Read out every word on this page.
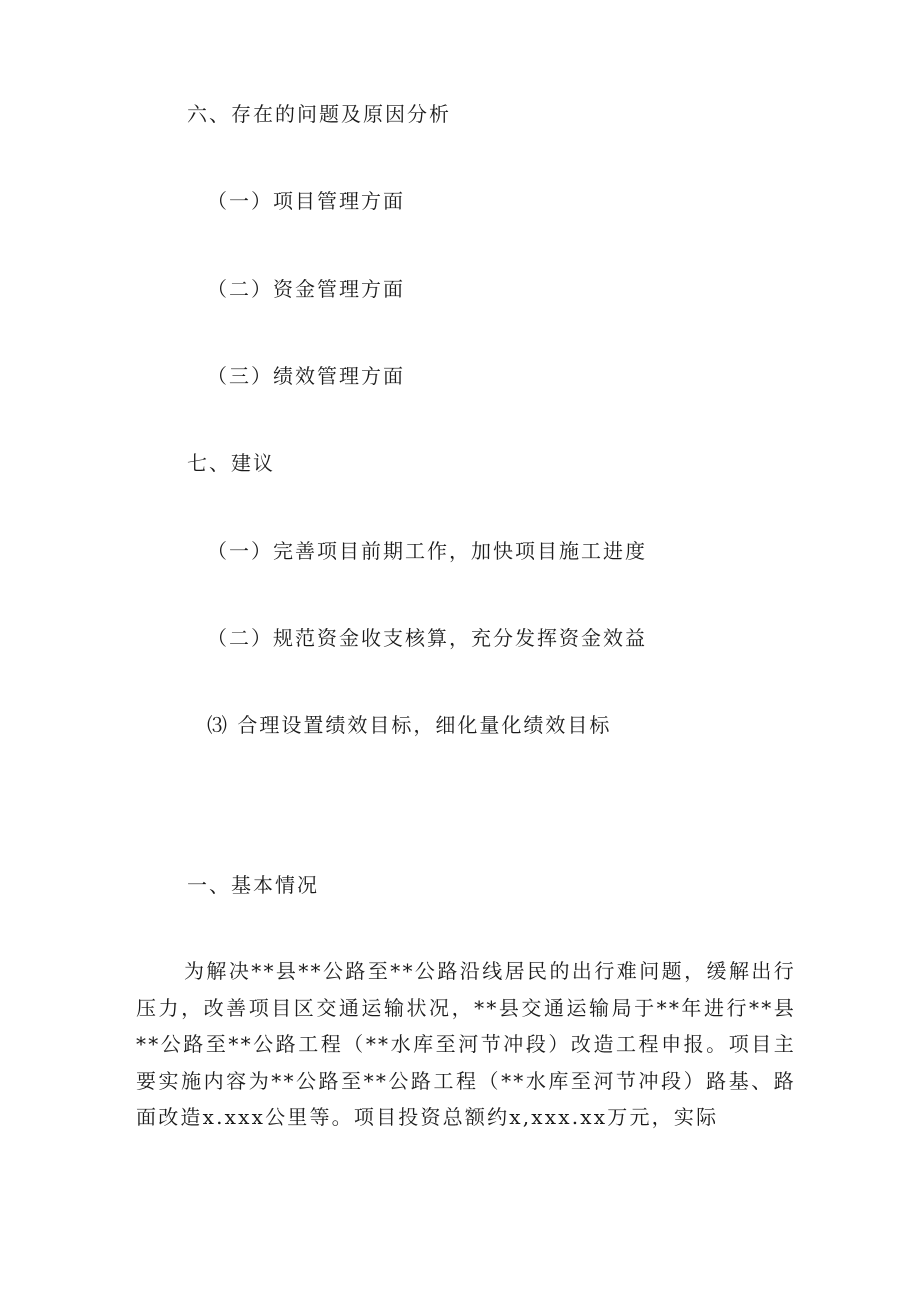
六、存在的问题及原因分析
（一）项目管理方面
（二）资金管理方面
（三）绩效管理方面
七、建议
（一）完善项目前期工作，加快项目施工进度
（二）规范资金收支核算，充分发挥资金效益
⑶ 合理设置绩效目标，细化量化绩效目标
一、基本情况
为解决**县**公路至**公路沿线居民的出行难问题，缓解出行压力，改善项目区交通运输状况，**县交通运输局于**年进行**县**公路至**公路工程（**水库至河节冲段）改造工程申报。项目主要实施内容为**公路至**公路工程（**水库至河节冲段）路基、路面改造x.xxx公里等。项目投资总额约x,xxx.xx万元，实际
